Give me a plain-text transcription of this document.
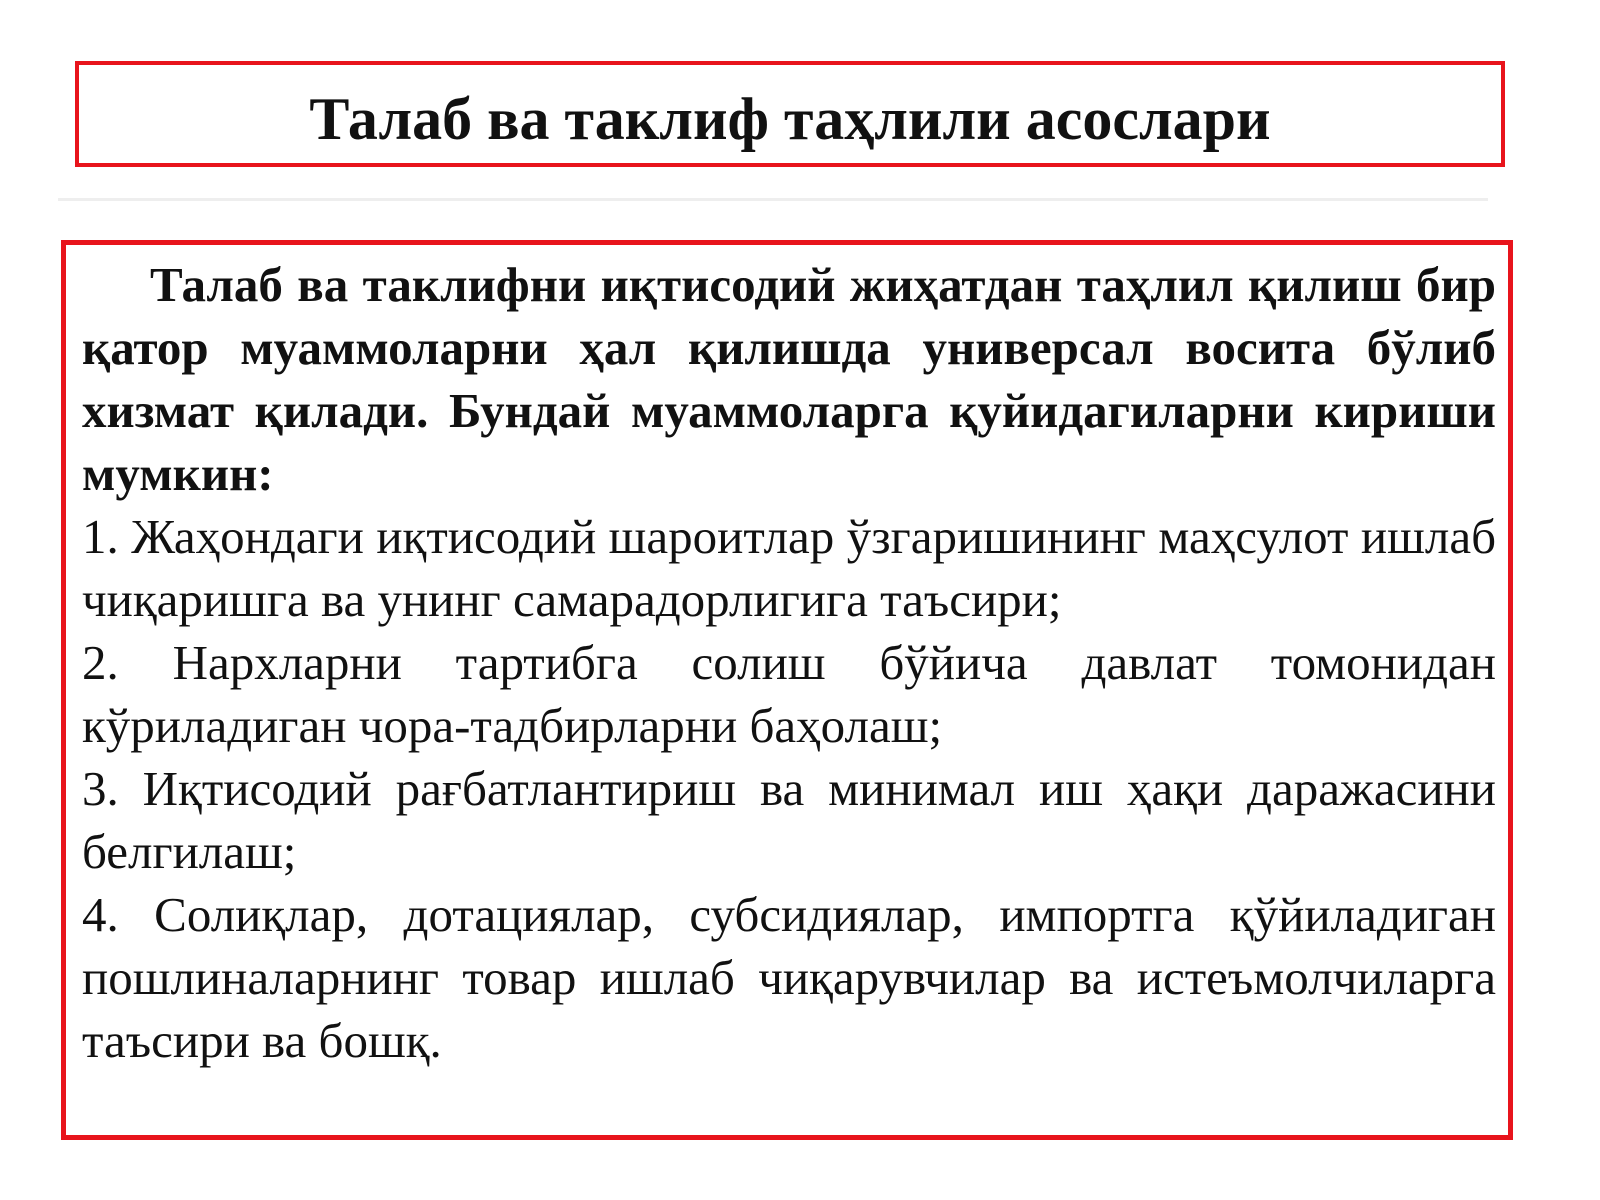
Талаб ва таклиф таҳлили асослари

Талаб ва таклифни иқтисодий жиҳатдан таҳлил қилиш бир қатор муаммоларни ҳал қилишда универсал восита бўлиб хизмат қилади. Бундай муаммоларга қуйидагиларни кириши мумкин:

1. Жаҳондаги иқтисодий шароитлар ўзгаришининг маҳсулот ишлаб чиқаришга ва унинг самарадорлигига таъсири;

2. Нархларни тартибга солиш бўйича давлат томонидан кўриладиган чора-тадбирларни баҳолаш;

3. Иқтисодий рағбатлантириш ва минимал иш ҳақи даражасини белгилаш;

4. Солиқлар, дотациялар, субсидиялар, импортга қўйиладиган пошлиналарнинг товар ишлаб чиқарувчилар ва истеъмолчиларга таъсири ва бошқ.
